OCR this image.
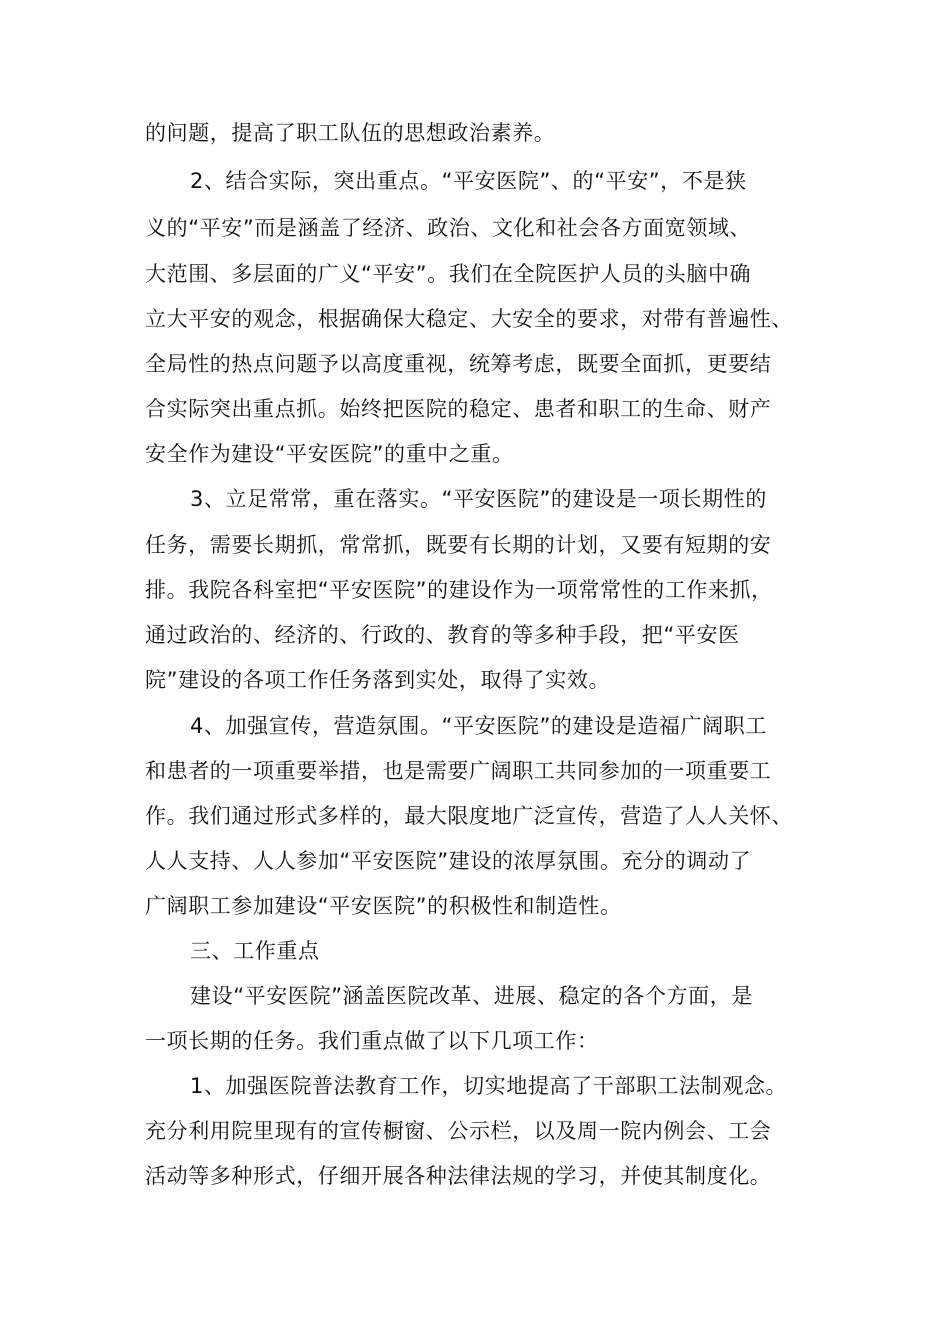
的问题，提高了职工队伍的思想政治素养。
2、结合实际，突出重点。“平安医院”、的“平安”，不是狭
义的“平安”而是涵盖了经济、政治、文化和社会各方面宽领域、
大范围、多层面的广义“平安”。我们在全院医护人员的头脑中确
立大平安的观念，根据确保大稳定、大安全的要求，对带有普遍性、
全局性的热点问题予以高度重视，统筹考虑，既要全面抓，更要结
合实际突出重点抓。始终把医院的稳定、患者和职工的生命、财产
安全作为建设“平安医院”的重中之重。
3、立足常常，重在落实。“平安医院”的建设是一项长期性的
任务，需要长期抓，常常抓，既要有长期的计划，又要有短期的安
排。我院各科室把“平安医院”的建设作为一项常常性的工作来抓，
通过政治的、经济的、行政的、教育的等多种手段，把“平安医
院”建设的各项工作任务落到实处，取得了实效。
4、加强宣传，营造氛围。“平安医院”的建设是造福广阔职工
和患者的一项重要举措，也是需要广阔职工共同参加的一项重要工
作。我们通过形式多样的，最大限度地广泛宣传，营造了人人关怀、
人人支持、人人参加“平安医院”建设的浓厚氛围。充分的调动了
广阔职工参加建设“平安医院”的积极性和制造性。
三、工作重点
建设“平安医院”涵盖医院改革、进展、稳定的各个方面，是
一项长期的任务。我们重点做了以下几项工作：
1、加强医院普法教育工作，切实地提高了干部职工法制观念。
充分利用院里现有的宣传橱窗、公示栏，以及周一院内例会、工会
活动等多种形式，仔细开展各种法律法规的学习，并使其制度化。
